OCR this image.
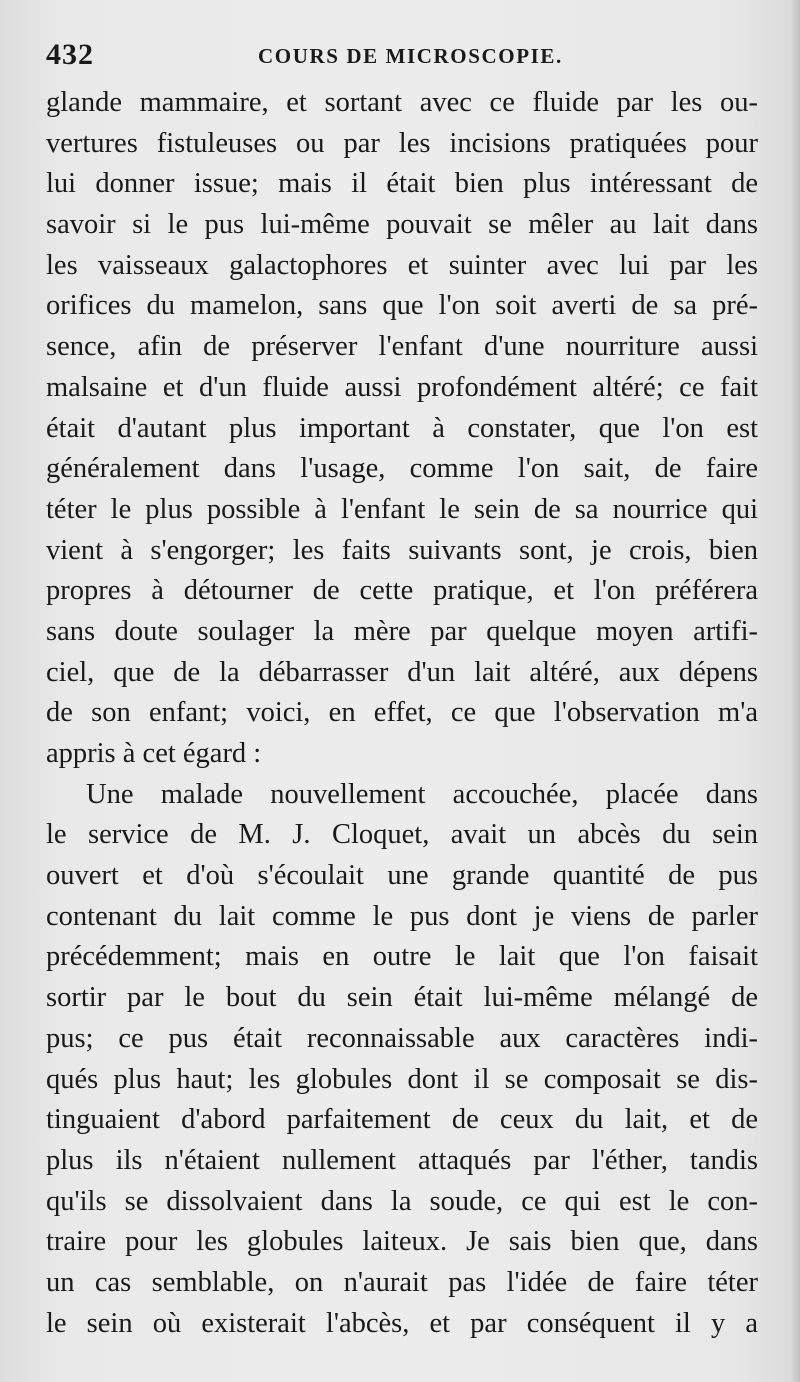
432	COURS DE MICROSCOPIE.
glande mammaire, et sortant avec ce fluide par les ou-
vertures fistuleuses ou par les incisions pratiquées pour
lui donner issue; mais il était bien plus intéressant de
savoir si le pus lui-même pouvait se mêler au lait dans
les vaisseaux galactophores et suinter avec lui par les
orifices du mamelon, sans que l'on soit averti de sa pré-
sence, afin de préserver l'enfant d'une nourriture aussi
malsaine et d'un fluide aussi profondément altéré; ce fait
était d'autant plus important à constater, que l'on est
généralement dans l'usage, comme l'on sait, de faire
téter le plus possible à l'enfant le sein de sa nourrice qui
vient à s'engorger; les faits suivants sont, je crois, bien
propres à détourner de cette pratique, et l'on préférera
sans doute soulager la mère par quelque moyen artifi-
ciel, que de la débarrasser d'un lait altéré, aux dépens
de son enfant; voici, en effet, ce que l'observation m'a
appris à cet égard :
Une malade nouvellement accouchée, placée dans
le service de M. J. Cloquet, avait un abcès du sein
ouvert et d'où s'écoulait une grande quantité de pus
contenant du lait comme le pus dont je viens de parler
précédemment; mais en outre le lait que l'on faisait
sortir par le bout du sein était lui-même mélangé de
pus; ce pus était reconnaissable aux caractères indi-
qués plus haut; les globules dont il se composait se dis-
tinguaient d'abord parfaitement de ceux du lait, et de
plus ils n'étaient nullement attaqués par l'éther, tandis
qu'ils se dissolvaient dans la soude, ce qui est le con-
traire pour les globules laiteux. Je sais bien que, dans
un cas semblable, on n'aurait pas l'idée de faire téter
le sein où existerait l'abcès, et par conséquent il y a
